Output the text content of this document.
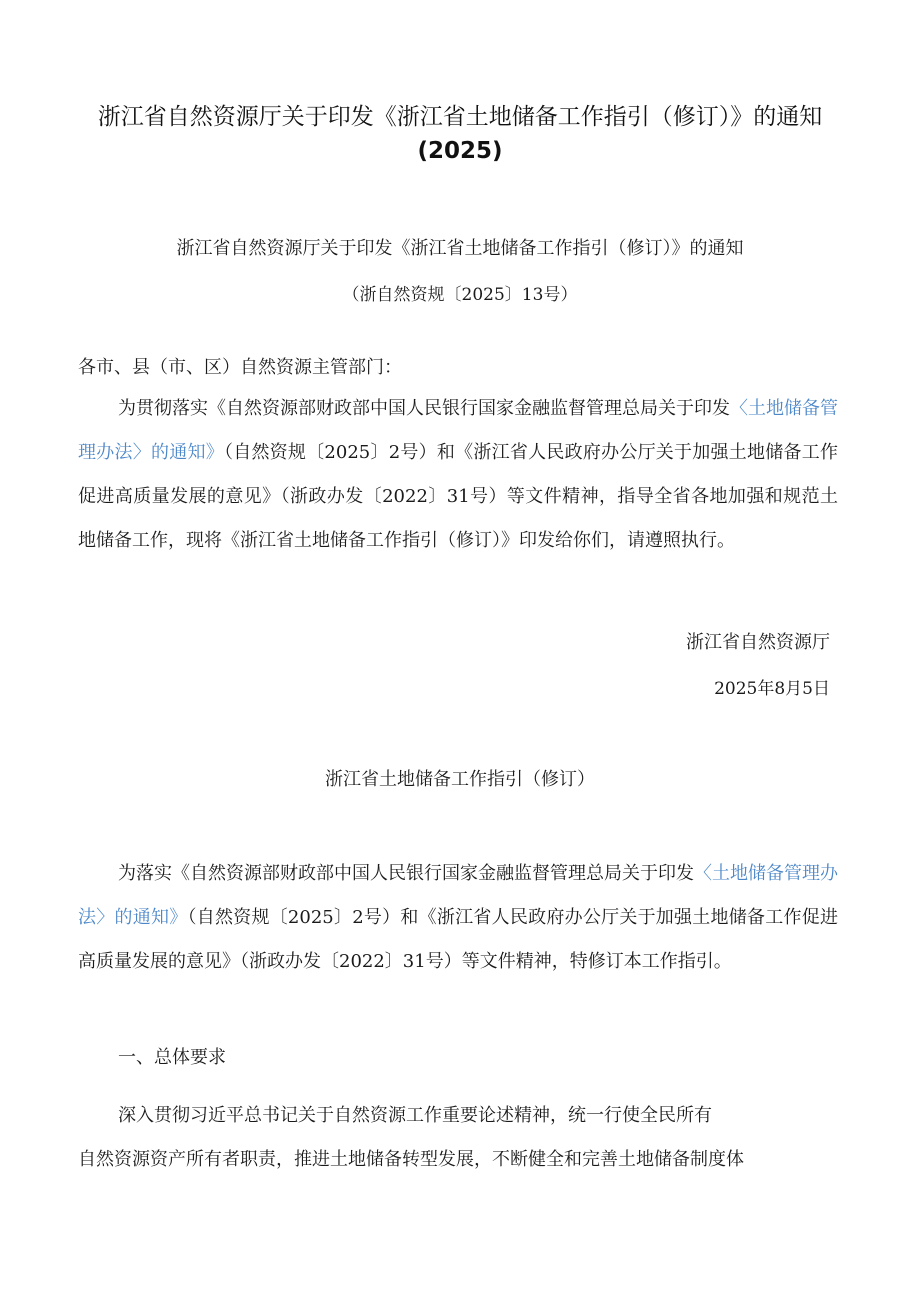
浙江省自然资源厅关于印发《浙江省土地储备工作指引（修订）》的通知
(2025)
浙江省自然资源厅关于印发《浙江省土地储备工作指引（修订）》的通知
（浙自然资规〔2025〕13号）

各市、县（市、区）自然资源主管部门：

为贯彻落实《自然资源部财政部中国人民银行国家金融监督管理总局关于印发〈土地储备管理办法〉的通知》（自然资规〔2025〕2号）和《浙江省人民政府办公厅关于加强土地储备工作促进高质量发展的意见》（浙政办发〔2022〕31号）等文件精神，指导全省各地加强和规范土地储备工作，现将《浙江省土地储备工作指引（修订）》印发给你们，请遵照执行。

浙江省自然资源厅
2025年8月5日
浙江省土地储备工作指引（修订）

为落实《自然资源部财政部中国人民银行国家金融监督管理总局关于印发〈土地储备管理办法〉的通知》（自然资规〔2025〕2号）和《浙江省人民政府办公厅关于加强土地储备工作促进高质量发展的意见》（浙政办发〔2022〕31号）等文件精神，特修订本工作指引。

一、总体要求
深入贯彻习近平总书记关于自然资源工作重要论述精神，统一行使全民所有
自然资源资产所有者职责，推进土地储备转型发展，不断健全和完善土地储备制度体
